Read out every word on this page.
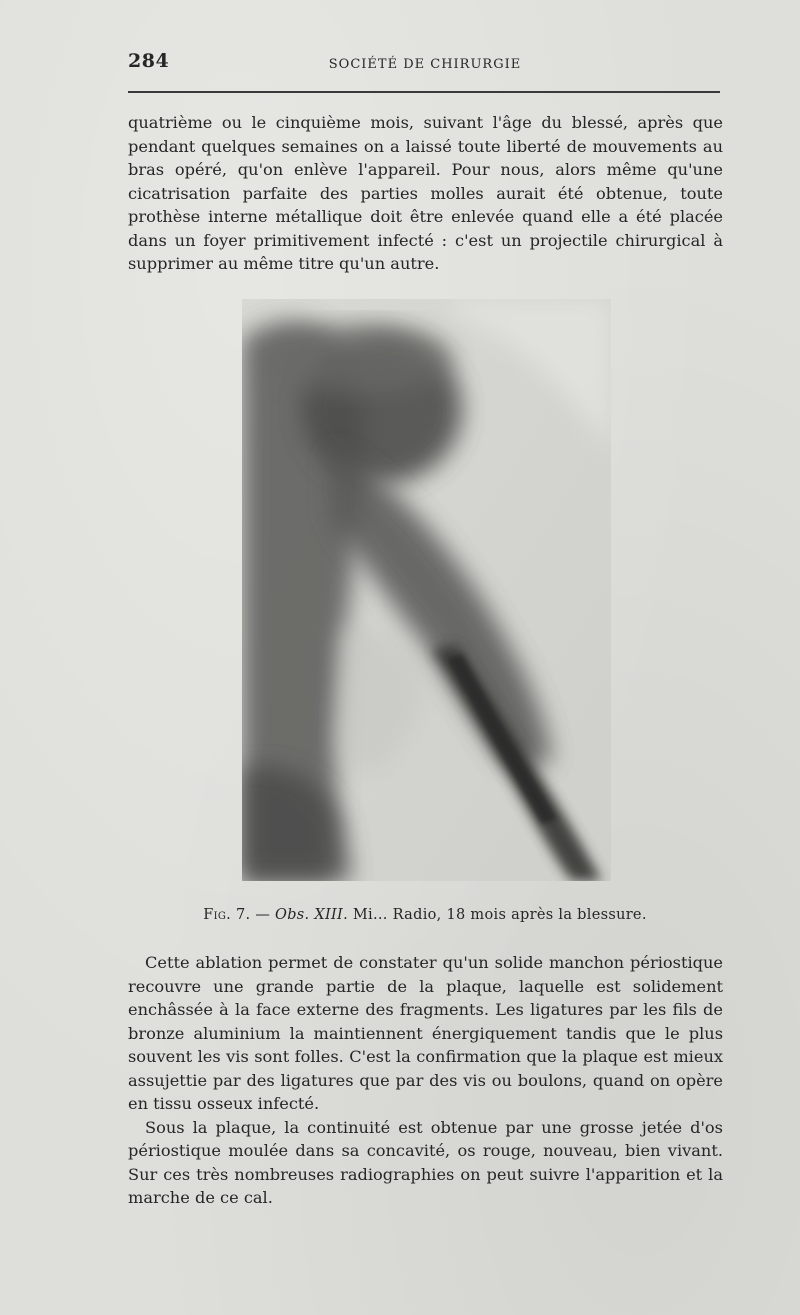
284	SOCIÉTÉ DE CHIRURGIE

quatrième ou le cinquième mois, suivant l'âge du blessé, après que pendant quelques semaines on a laissé toute liberté de mouvements au bras opéré, qu'on enlève l'appareil. Pour nous, alors même qu'une cicatrisation parfaite des parties molles aurait été obtenue, toute prothèse interne métallique doit être enlevée quand elle a été placée dans un foyer primitivement infecté : c'est un projectile chirurgical à supprimer au même titre qu'un autre.

Fig. 7. — Obs. XIII. Mi... Radio, 18 mois après la blessure.

Cette ablation permet de constater qu'un solide manchon périostique recouvre une grande partie de la plaque, laquelle est solidement enchâssée à la face externe des fragments. Les ligatures par les fils de bronze aluminium la maintiennent énergiquement tandis que le plus souvent les vis sont folles. C'est la confirmation que la plaque est mieux assujettie par des ligatures que par des vis ou boulons, quand on opère en tissu osseux infecté.

Sous la plaque, la continuité est obtenue par une grosse jetée d'os périostique moulée dans sa concavité, os rouge, nouveau, bien vivant. Sur ces très nombreuses radiographies on peut suivre l'apparition et la marche de ce cal.
